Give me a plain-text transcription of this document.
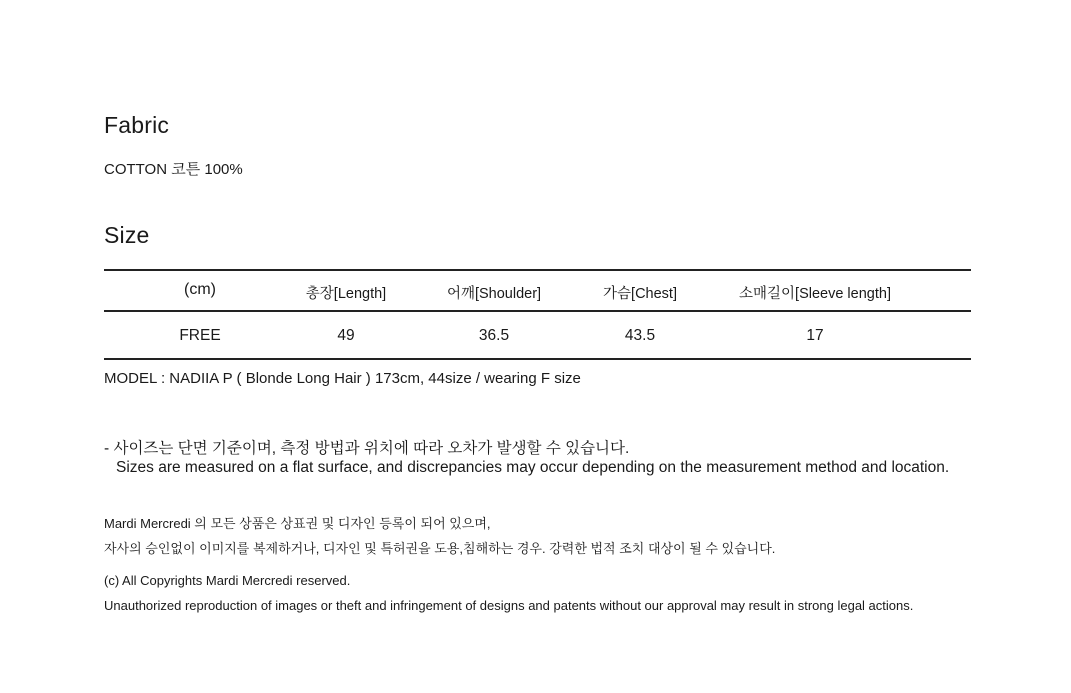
Fabric
COTTON 코튼 100%
Size
(cm)	총장[Length]	어깨[Shoulder]	가슴[Chest]	소매길이[Sleeve length]
FREE	49	36.5	43.5	17
MODEL : NADIIA P ( Blonde Long Hair ) 173cm, 44size / wearing F size
- 사이즈는 단면 기준이며, 측정 방법과 위치에 따라 오차가 발생할 수 있습니다.
Sizes are measured on a flat surface, and discrepancies may occur depending on the measurement method and location.
Mardi Mercredi 의 모든 상품은 상표권 및 디자인 등록이 되어 있으며,
자사의 승인없이 이미지를 복제하거나, 디자인 및 특허권을 도용,침해하는 경우. 강력한 법적 조치 대상이 될 수 있습니다.
(c) All Copyrights Mardi Mercredi reserved.
Unauthorized reproduction of images or theft and infringement of designs and patents without our approval may result in strong legal actions.
